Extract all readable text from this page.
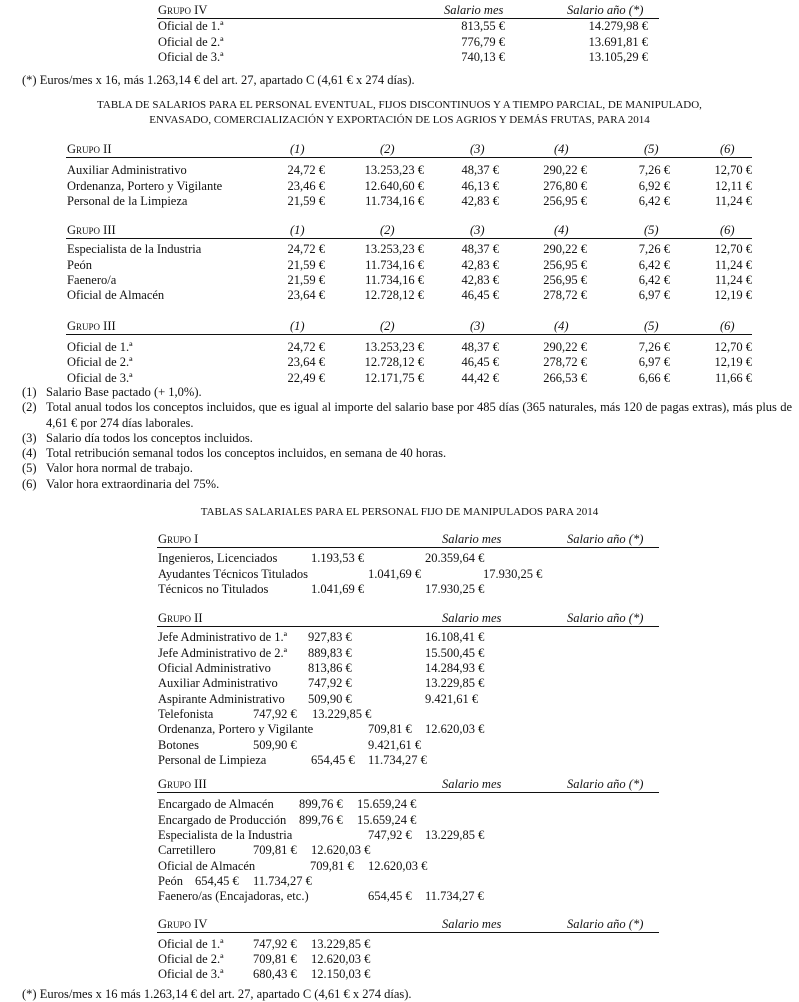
Grupo IV	Salario mes	Salario año (*)
Oficial de 1.ª	813,55 €	14.279,98 €
Oficial de 2.ª	776,79 €	13.691,81 €
Oficial de 3.ª	740,13 €	13.105,29 €
(*) Euros/mes x 16, más 1.263,14 € del art. 27, apartado C (4,61 € x 274 días).
TABLA DE SALARIOS PARA EL PERSONAL EVENTUAL, FIJOS DISCONTINUOS Y A TIEMPO PARCIAL, DE MANIPULADO,
ENVASADO, COMERCIALIZACIÓN Y EXPORTACIÓN DE LOS AGRIOS Y DEMÁS FRUTAS, PARA 2014
Grupo II	(1)	(2)	(3)	(4)	(5)	(6)
Auxiliar Administrativo	24,72 €	13.253,23 €	48,37 €	290,22 €	7,26 €	12,70 €
Ordenanza, Portero y Vigilante	23,46 €	12.640,60 €	46,13 €	276,80 €	6,92 €	12,11 €
Personal de la Limpieza	21,59 €	11.734,16 €	42,83 €	256,95 €	6,42 €	11,24 €
Grupo III	(1)	(2)	(3)	(4)	(5)	(6)
Especialista de la Industria	24,72 €	13.253,23 €	48,37 €	290,22 €	7,26 €	12,70 €
Peón	21,59 €	11.734,16 €	42,83 €	256,95 €	6,42 €	11,24 €
Faenero/a	21,59 €	11.734,16 €	42,83 €	256,95 €	6,42 €	11,24 €
Oficial de Almacén	23,64 €	12.728,12 €	46,45 €	278,72 €	6,97 €	12,19 €
Grupo III	(1)	(2)	(3)	(4)	(5)	(6)
Oficial de 1.ª	24,72 €	13.253,23 €	48,37 €	290,22 €	7,26 €	12,70 €
Oficial de 2.ª	23,64 €	12.728,12 €	46,45 €	278,72 €	6,97 €	12,19 €
Oficial de 3.ª	22,49 €	12.171,75 €	44,42 €	266,53 €	6,66 €	11,66 €
(1) Salario Base pactado (+ 1,0%).
(2) Total anual todos los conceptos incluidos, que es igual al importe del salario base por 485 días (365 naturales, más 120 de pagas extras), más plus de 4,61 € por 274 días laborales.
(3) Salario día todos los conceptos incluidos.
(4) Total retribución semanal todos los conceptos incluidos, en semana de 40 horas.
(5) Valor hora normal de trabajo.
(6) Valor hora extraordinaria del 75%.
TABLAS SALARIALES PARA EL PERSONAL FIJO DE MANIPULADOS PARA 2014
Grupo I	Salario mes	Salario año (*)
Ingenieros, Licenciados	1.193,53 €	20.359,64 €
Ayudantes Técnicos Titulados	1.041,69 €	17.930,25 €
Técnicos no Titulados	1.041,69 €	17.930,25 €
Grupo II	Salario mes	Salario año (*)
Jefe Administrativo de 1.ª 927,83 €	16.108,41 €
Jefe Administrativo de 2.ª 889,83 €	15.500,45 €
Oficial Administrativo	813,86 €	14.284,93 €
Auxiliar Administrativo 747,92 €	13.229,85 €
Aspirante Administrativo 509,90 €	9.421,61 €
Telefonista	747,92 € 13.229,85 €
Ordenanza, Portero y Vigilante	709,81 € 12.620,03 €
Botones	509,90 €	9.421,61 €
Personal de Limpieza	654,45 € 11.734,27 €
Grupo III	Salario mes	Salario año (*)
Encargado de Almacén 899,76 € 15.659,24 €
Encargado de Producción 899,76 € 15.659,24 €
Especialista de la Industria	747,92 € 13.229,85 €
Carretillero	709,81 € 12.620,03 €
Oficial de Almacén	709,81 € 12.620,03 €
Peón 654,45 € 11.734,27 €
Faenero/as (Encajadoras, etc.)	654,45 € 11.734,27 €
Grupo IV	Salario mes	Salario año (*)
Oficial de 1.ª 747,92 € 13.229,85 €
Oficial de 2.ª 709,81 € 12.620,03 €
Oficial de 3.ª 680,43 € 12.150,03 €
(*) Euros/mes x 16 más 1.263,14 € del art. 27, apartado C (4,61 € x 274 días).
